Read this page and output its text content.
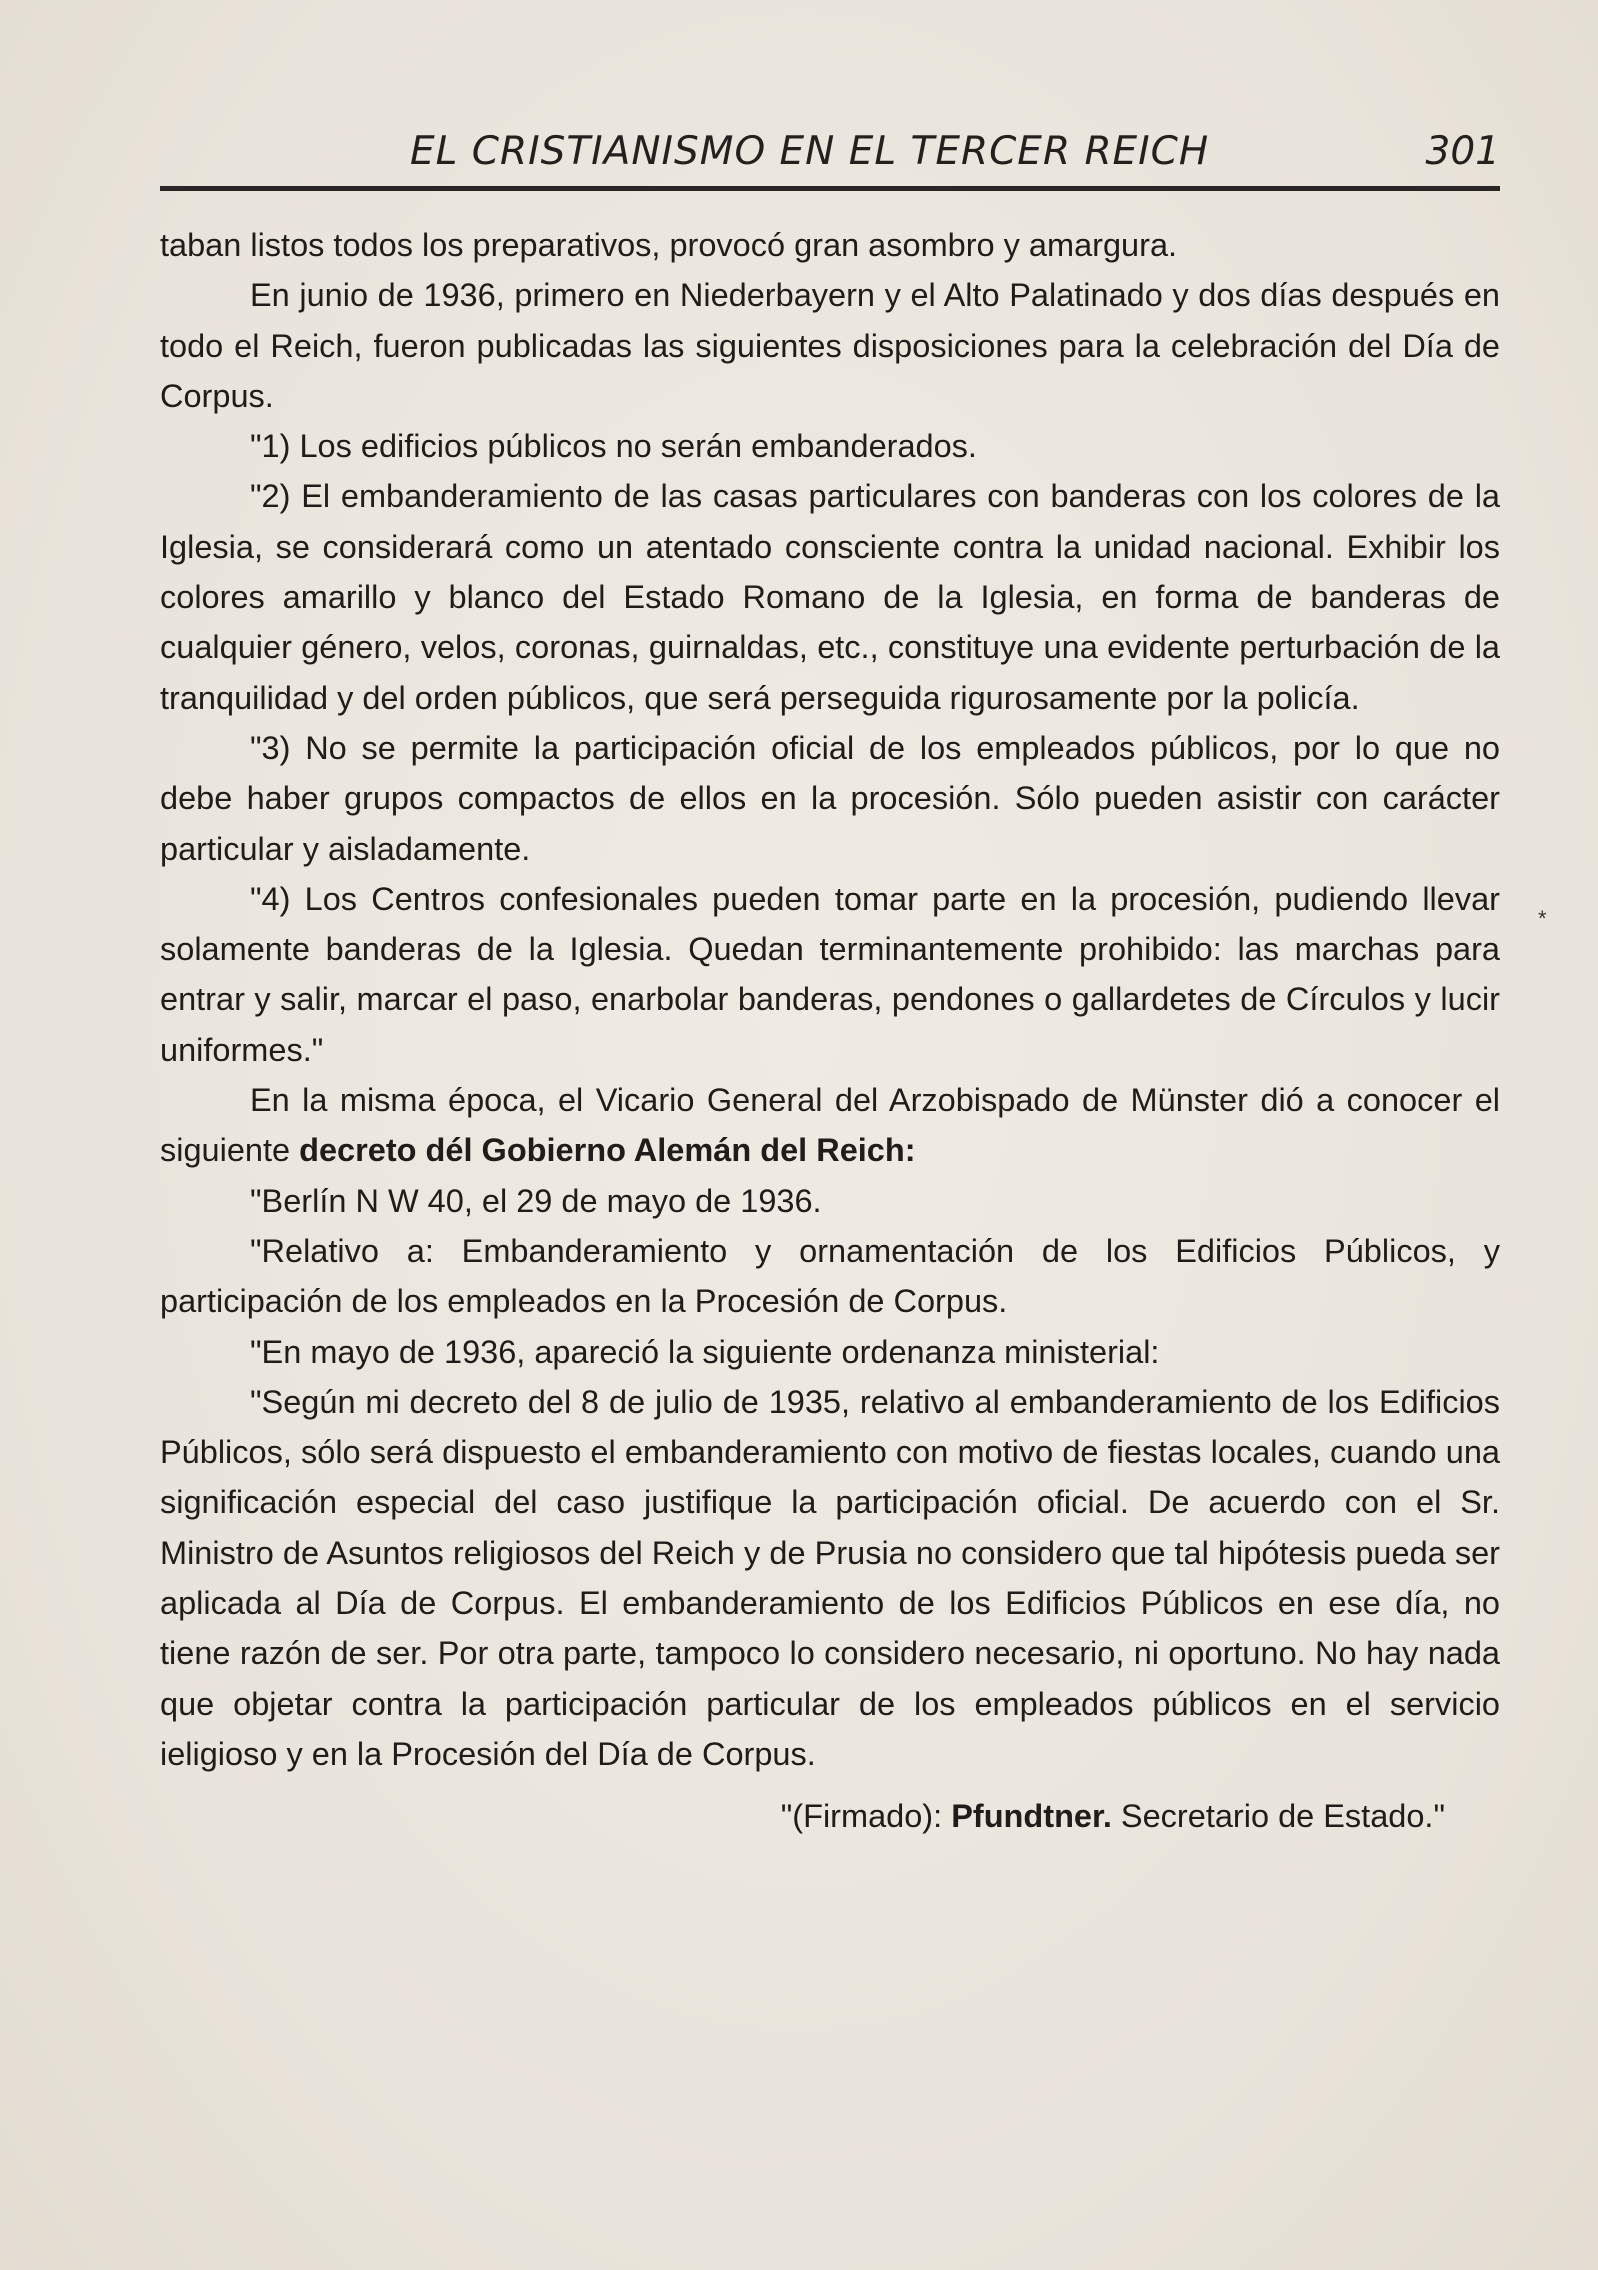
EL CRISTIANISMO EN EL TERCER REICH	301

taban listos todos los preparativos, provocó gran asombro y amargura.

En junio de 1936, primero en Niederbayern y el Alto Palatinado y dos días después en todo el Reich, fueron publicadas las siguientes disposiciones para la celebración del Día de Corpus.

"1) Los edificios públicos no serán embanderados.

"2) El embanderamiento de las casas particulares con banderas con los colores de la Iglesia, se considerará como un atentado consciente contra la unidad nacional. Exhibir los colores amarillo y blanco del Estado Romano de la Iglesia, en forma de banderas de cualquier género, velos, coronas, guirnaldas, etc., constituye una evidente perturbación de la tranquilidad y del orden públicos, que será perseguida rigurosamente por la policía.

"3) No se permite la participación oficial de los empleados públicos, por lo que no debe haber grupos compactos de ellos en la procesión. Sólo pueden asistir con carácter particular y aisladamente.

"4) Los Centros confesionales pueden tomar parte en la procesión, pudiendo llevar solamente banderas de la Iglesia. Quedan terminantemente prohibido: las marchas para entrar y salir, marcar el paso, enarbolar banderas, pendones o gallardetes de Círculos y lucir uniformes."

En la misma época, el Vicario General del Arzobispado de Münster dió a conocer el siguiente decreto dél Gobierno Alemán del Reich:

"Berlín N W 40, el 29 de mayo de 1936.

"Relativo a: Embanderamiento y ornamentación de los Edificios Públicos, y participación de los empleados en la Procesión de Corpus.

"En mayo de 1936, apareció la siguiente ordenanza ministerial:

"Según mi decreto del 8 de julio de 1935, relativo al embanderamiento de los Edificios Públicos, sólo será dispuesto el embanderamiento con motivo de fiestas locales, cuando una significación especial del caso justifique la participación oficial. De acuerdo con el Sr. Ministro de Asuntos religiosos del Reich y de Prusia no considero que tal hipótesis pueda ser aplicada al Día de Corpus. El embanderamiento de los Edificios Públicos en ese día, no tiene razón de ser. Por otra parte, tampoco lo considero necesario, ni oportuno. No hay nada que objetar contra la participación particular de los empleados públicos en el servicio ieligioso y en la Procesión del Día de Corpus.

"(Firmado): Pfundtner. Secretario de Estado."

*
